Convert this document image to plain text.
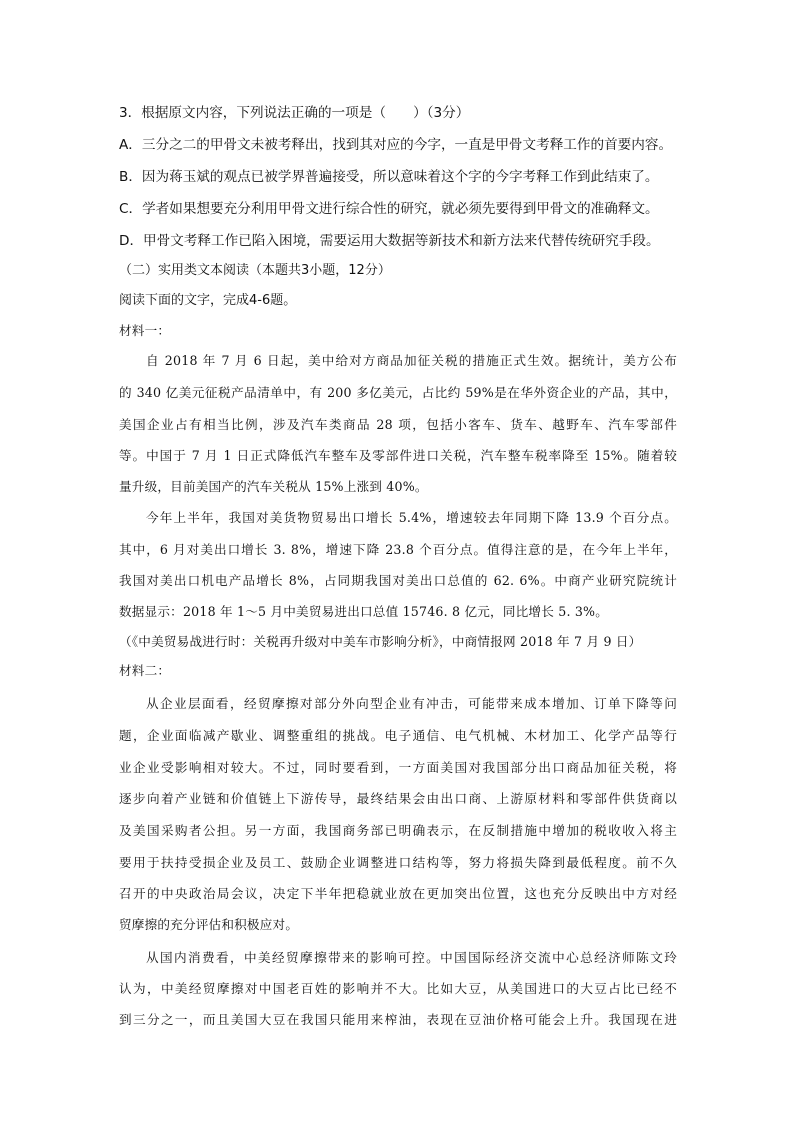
3．根据原文内容，下列说法正确的一项是（　　）（3分）
A．三分之二的甲骨文未被考释出，找到其对应的今字，一直是甲骨文考释工作的首要内容。
B．因为蒋玉斌的观点已被学界普遍接受，所以意味着这个字的今字考释工作到此结束了。
C．学者如果想要充分利用甲骨文进行综合性的研究，就必须先要得到甲骨文的准确释文。
D．甲骨文考释工作已陷入困境，需要运用大数据等新技术和新方法来代替传统研究手段。
（二）实用类文本阅读（本题共3小题，12分）
阅读下面的文字，完成4-6题。
材料一：
自 2018 年 7 月 6 日起，美中给对方商品加征关税的措施正式生效。据统计，美方公布
的 340 亿美元征税产品清单中，有 200 多亿美元，占比约 59%是在华外资企业的产品，其中，
美国企业占有相当比例，涉及汽车类商品 28 项，包括小客车、货车、越野车、汽车零部件
等。中国于 7 月 1 日正式降低汽车整车及零部件进口关税，汽车整车税率降至 15%。随着较
量升级，目前美国产的汽车关税从 15%上涨到 40%。
今年上半年，我国对美货物贸易出口增长 5.4%，增速较去年同期下降 13.9 个百分点。
其中，6 月对美出口增长 3. 8%，增速下降 23.8 个百分点。值得注意的是，在今年上半年，
我国对美出口机电产品增长 8%，占同期我国对美出口总值的 62. 6%。中商产业研究院统计
数据显示：2018 年 1～5 月中美贸易进出口总值 15746. 8 亿元，同比增长 5. 3%。
（《中美贸易战进行时：关税再升级对中美车市影响分析》，中商情报网 2018 年 7 月 9 日）
材料二：
从企业层面看，经贸摩擦对部分外向型企业有冲击，可能带来成本增加、订单下降等问
题，企业面临减产歇业、调整重组的挑战。电子通信、电气机械、木材加工、化学产品等行
业企业受影响相对较大。不过，同时要看到，一方面美国对我国部分出口商品加征关税，将
逐步向着产业链和价值链上下游传导，最终结果会由出口商、上游原材料和零部件供货商以
及美国采购者公担。另一方面，我国商务部已明确表示，在反制措施中增加的税收收入将主
要用于扶持受损企业及员工、鼓励企业调整进口结构等，努力将损失降到最低程度。前不久
召开的中央政治局会议，决定下半年把稳就业放在更加突出位置，这也充分反映出中方对经
贸摩擦的充分评估和积极应对。
从国内消费看，中美经贸摩擦带来的影响可控。中国国际经济交流中心总经济师陈文玲
认为，中美经贸摩擦对中国老百姓的影响并不大。比如大豆，从美国进口的大豆占比已经不
到三分之一，而且美国大豆在我国只能用来榨油，表现在豆油价格可能会上升。我国现在进
